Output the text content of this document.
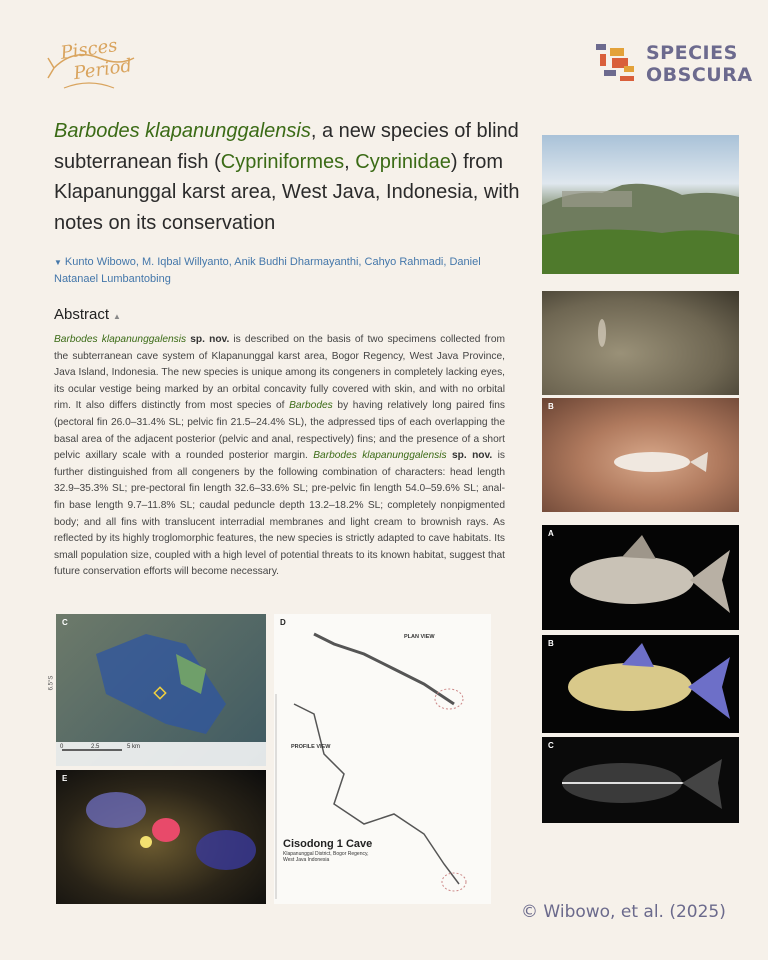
Pisces
Period
SPECIES
OBSCURA
Barbodes klapanunggalensis, a new species of blind subterranean fish (Cypriniformes, Cyprinidae) from Klapanunggal karst area, West Java, Indonesia, with notes on its conservation
▼ Kunto Wibowo, M. Iqbal Willyanto, Anik Budhi Dharmayanthi, Cahyo Rahmadi, Daniel Natanael Lumbantobing
Abstract ▲
Barbodes klapanunggalensis sp. nov. is described on the basis of two specimens collected from the subterranean cave system of Klapanunggal karst area, Bogor Regency, West Java Province, Java Island, Indonesia. The new species is unique among its congeners in completely lacking eyes, its ocular vestige being marked by an orbital concavity fully covered with skin, and with no orbital rim. It also differs distinctly from most species of Barbodes by having relatively long paired fins (pectoral fin 26.0–31.4% SL; pelvic fin 21.5–24.4% SL), the adpressed tips of each overlapping the basal area of the adjacent posterior (pelvic and anal, respectively) fins; and the presence of a short pelvic axillary scale with a rounded posterior margin. Barbodes klapanunggalensis sp. nov. is further distinguished from all congeners by the following combination of characters: head length 32.9–35.3% SL; pre-pectoral fin length 32.6–33.6% SL; pre-pelvic fin length 54.0–59.6% SL; anal-fin base length 9.7–11.8% SL; caudal peduncle depth 13.2–18.2% SL; completely nonpigmented body; and all fins with translucent interradial membranes and light cream to brownish rays. As reflected by its highly troglomorphic features, the new species is strictly adapted to cave habitats. Its small population size, coupled with a high level of potential threats to its known habitat, suggest that future conservation efforts will become necessary.
B
A
B
C
C
0	2.5	5 km
6.5°S
E
D
PLAN VIEW
PROFILE VIEW
Cisodong 1 Cave
Klapanunggal District, Bogor Regency, West Java Indonesia
© Wibowo, et al. (2025)
